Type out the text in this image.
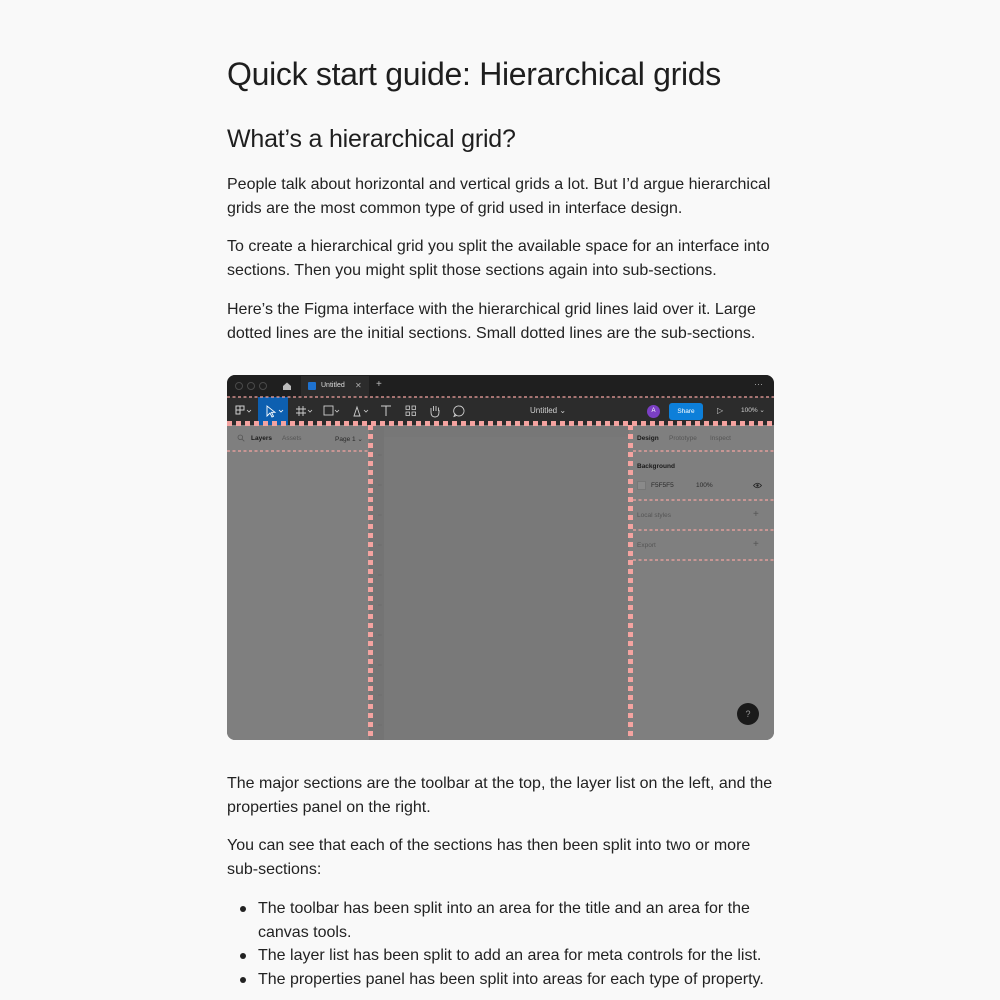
Quick start guide: Hierarchical grids
What’s a hierarchical grid?

People talk about horizontal and vertical grids a lot. But I’d argue hierarchical grids are the most common type of grid used in interface design.

To create a hierarchical grid you split the available space for an interface into sections. Then you might split those sections again into sub-sections.

Here’s the Figma interface with the hierarchical grid lines laid over it. Large dotted lines are the initial sections. Small dotted lines are the sub-sections.

Untitled ✕ +	···
Untitled ⌄	A	Share	▷	100% ⌄
Layers Assets	Page 1 ⌄	Design Prototype Inspect
Background
F5F5F5	100%
Local styles	+
Export	+
?

The major sections are the toolbar at the top, the layer list on the left, and the properties panel on the right.

You can see that each of the sections has then been split into two or more sub-sections:

The toolbar has been split into an area for the title and an area for the canvas tools.
The layer list has been split to add an area for meta controls for the list.
The properties panel has been split into areas for each type of property.
